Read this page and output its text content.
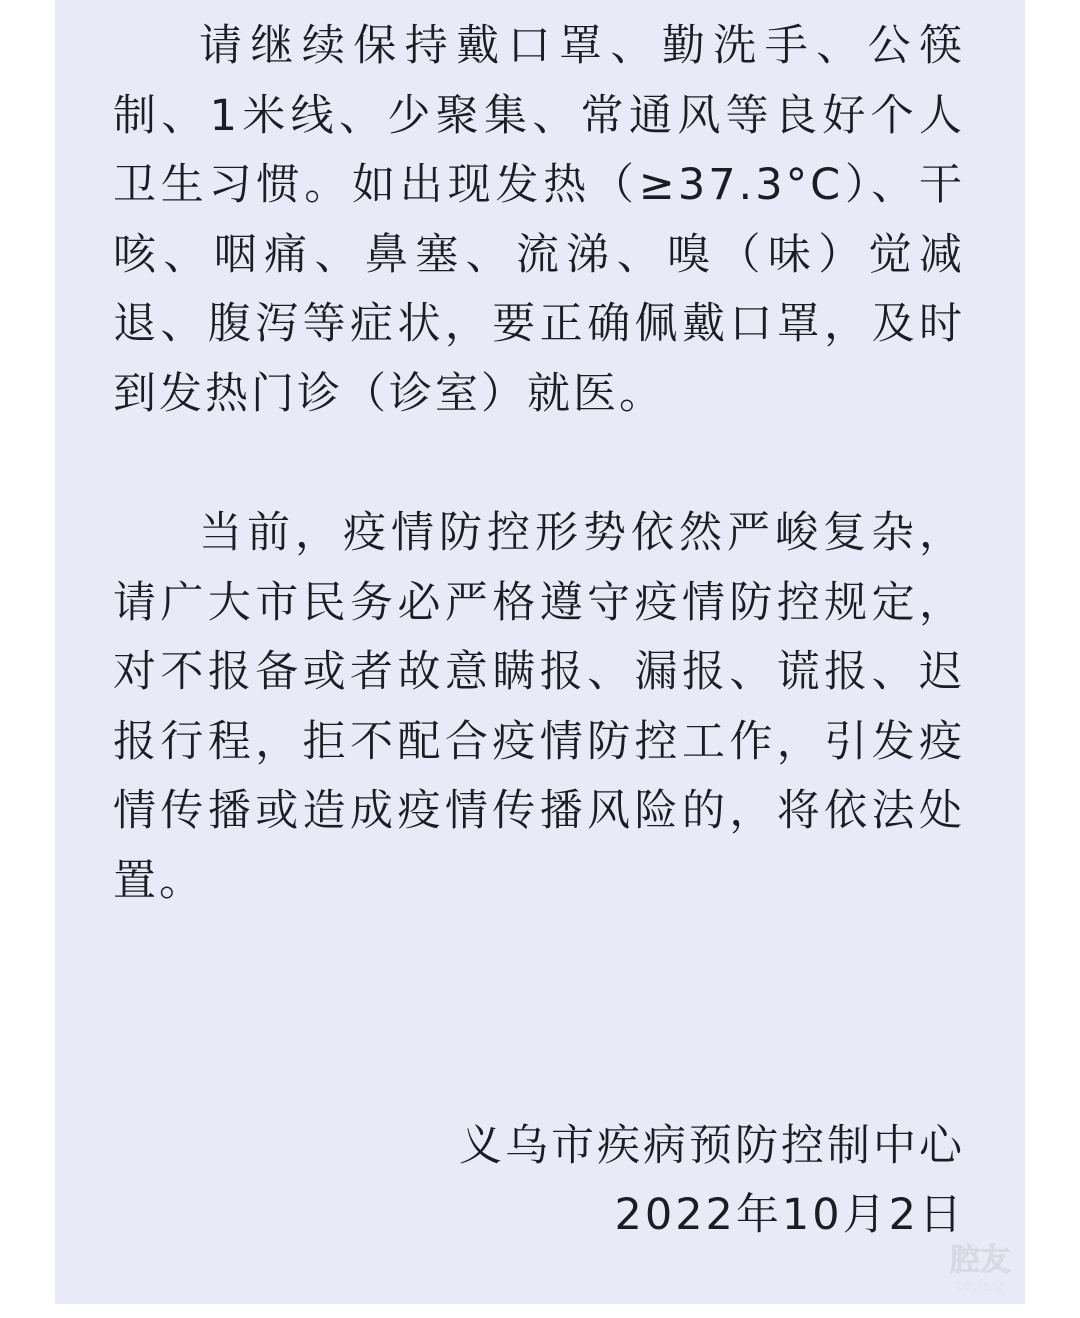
请继续保持戴口罩、勤洗手、公筷制、1米线、少聚集、常通风等良好个人卫生习惯。如出现发热（≥37.3°C）、干咳、咽痛、鼻塞、流涕、嗅（味）觉减退、腹泻等症状，要正确佩戴口罩，及时到发热门诊（诊室）就医。

当前，疫情防控形势依然严峻复杂，请广大市民务必严格遵守疫情防控规定，对不报备或者故意瞒报、漏报、谎报、迟报行程，拒不配合疫情防控工作，引发疫情传播或造成疫情传播风险的，将依法处置。

义乌市疾病预防控制中心
2022年10月2日
腔友
18qiang
